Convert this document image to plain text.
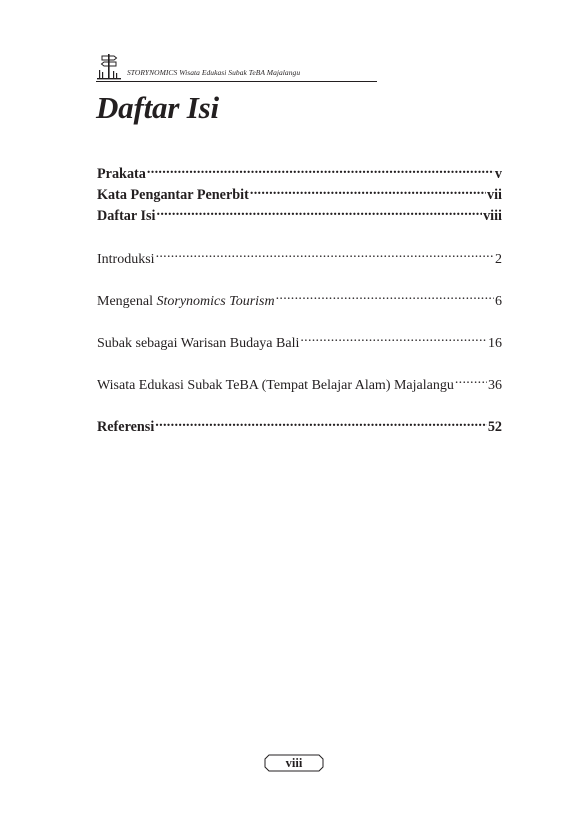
STORYNOMICS Wisata Edukasi Subak TeBA Majalangu
Daftar Isi
Prakata .....	v
Kata Pengantar Penerbit .....	vii
Daftar Isi .....	viii
Introduksi .....	2
Mengenal Storynomics Tourism .....	6
Subak sebagai Warisan Budaya Bali .....	16
Wisata Edukasi Subak TeBA (Tempat Belajar Alam) Majalangu ..... 36
Referensi .....	52
viii
